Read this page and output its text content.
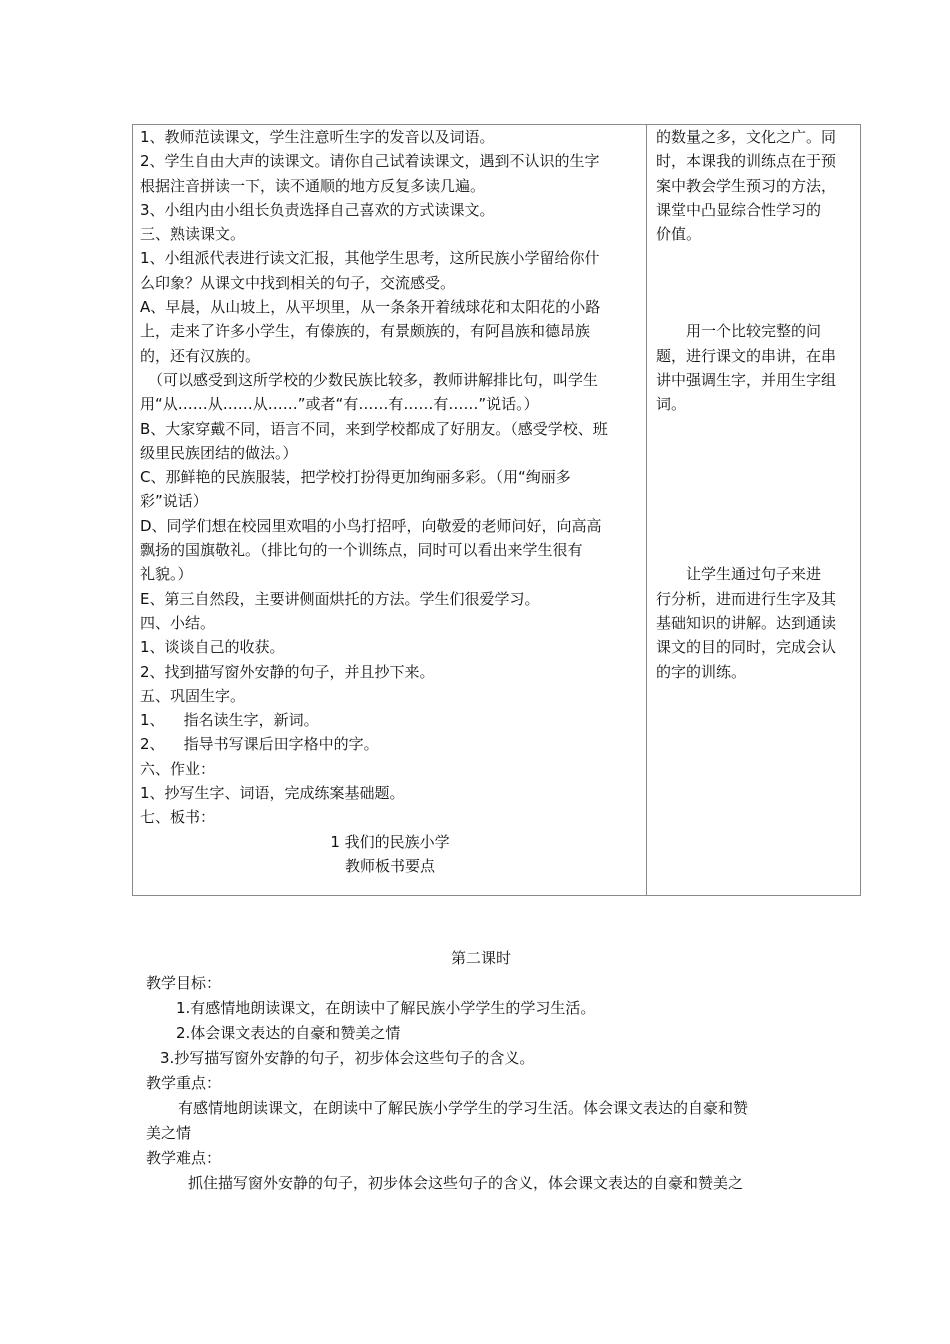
1、教师范读课文，学生注意听生字的发音以及词语。
2、学生自由大声的读课文。请你自己试着读课文，遇到不认识的生字
根据注音拼读一下，读不通顺的地方反复多读几遍。
3、小组内由小组长负责选择自己喜欢的方式读课文。
三、熟读课文。
1、小组派代表进行读文汇报，其他学生思考，这所民族小学留给你什
么印象？从课文中找到相关的句子，交流感受。
A、早晨，从山坡上，从平坝里，从一条条开着绒球花和太阳花的小路
上，走来了许多小学生，有傣族的，有景颇族的，有阿昌族和德昂族
的，还有汉族的。
（可以感受到这所学校的少数民族比较多，教师讲解排比句，叫学生
用“从……从……从……”或者“有……有……有……”说话。）
B、大家穿戴不同，语言不同，来到学校都成了好朋友。（感受学校、班
级里民族团结的做法。）
C、那鲜艳的民族服装，把学校打扮得更加绚丽多彩。（用“绚丽多
彩”说话）
D、同学们想在校园里欢唱的小鸟打招呼，向敬爱的老师问好，向高高
飘扬的国旗敬礼。（排比句的一个训练点，同时可以看出来学生很有
礼貌。）
E、第三自然段，主要讲侧面烘托的方法。学生们很爱学习。
四、小结。
1、谈谈自己的收获。
2、找到描写窗外安静的句子，并且抄下来。
五、巩固生字。
1、    指名读生字，新词。
2、    指导书写课后田字格中的字。
六、作业：
1、抄写生字、词语，完成练案基础题。
七、板书：
1 我们的民族小学
教师板书要点
的数量之多，文化之广。同
时，本课我的训练点在于预
案中教会学生预习的方法，
课堂中凸显综合性学习的
价值。
用一个比较完整的问
题，进行课文的串讲，在串
讲中强调生字，并用生字组
词。
让学生通过句子来进
行分析，进而进行生字及其
基础知识的讲解。达到通读
课文的目的同时，完成会认
的字的训练。
第二课时
教学目标：
1.有感情地朗读课文，在朗读中了解民族小学学生的学习生活。
2.体会课文表达的自豪和赞美之情
3.抄写描写窗外安静的句子，初步体会这些句子的含义。
教学重点：
有感情地朗读课文，在朗读中了解民族小学学生的学习生活。体会课文表达的自豪和赞
美之情
教学难点：
抓住描写窗外安静的句子，初步体会这些句子的含义，体会课文表达的自豪和赞美之
